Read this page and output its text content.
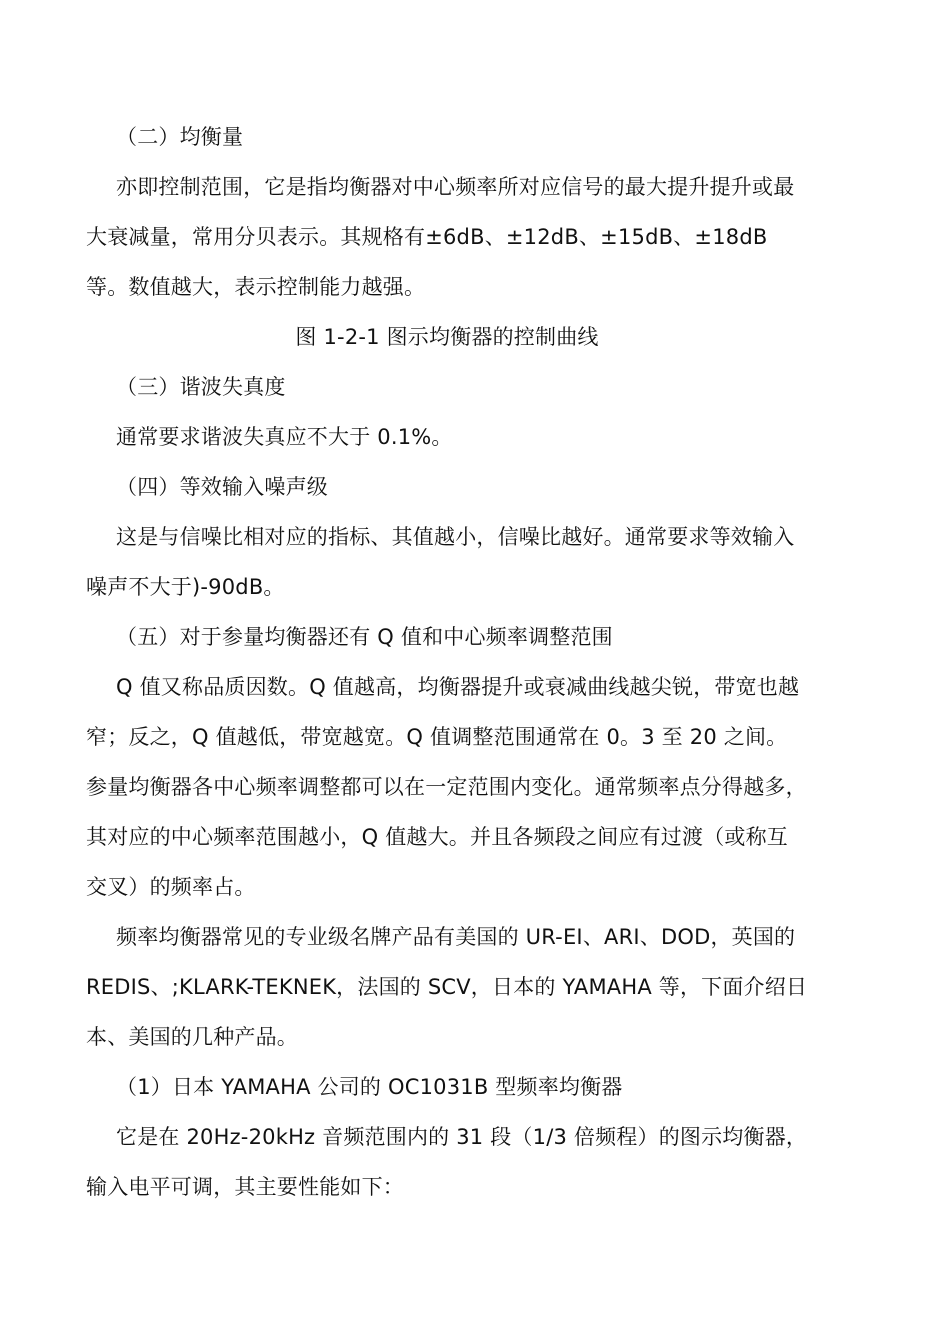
（二）均衡量

亦即控制范围，它是指均衡器对中心频率所对应信号的最大提升提升或最大衰减量，常用分贝表示。其规格有±6dB、±12dB、±15dB、±18dB 等。数值越大，表示控制能力越强。

图 1-2-1 图示均衡器的控制曲线

（三）谐波失真度

通常要求谐波失真应不大于 0.1%。

（四）等效输入噪声级

这是与信噪比相对应的指标、其值越小，信噪比越好。通常要求等效输入噪声不大于)-90dB。

（五）对于参量均衡器还有 Q 值和中心频率调整范围

Q 值又称品质因数。Q 值越高，均衡器提升或衰减曲线越尖锐，带宽也越窄；反之，Q 值越低，带宽越宽。Q 值调整范围通常在 0。3 至 20 之间。参量均衡器各中心频率调整都可以在一定范围内变化。通常频率点分得越多，其对应的中心频率范围越小，Q 值越大。并且各频段之间应有过渡（或称互交叉）的频率占。

频率均衡器常见的专业级名牌产品有美国的 UR-EI、ARI、DOD，英国的 REDIS、;KLARK-TEKNEK，法国的 SCV，日本的 YAMAHA 等，下面介绍日本、美国的几种产品。

（1）日本 YAMAHA 公司的 OC1031B 型频率均衡器

它是在 20Hz-20kHz 音频范围内的 31 段（1/3 倍频程）的图示均衡器，输入电平可调，其主要性能如下：
